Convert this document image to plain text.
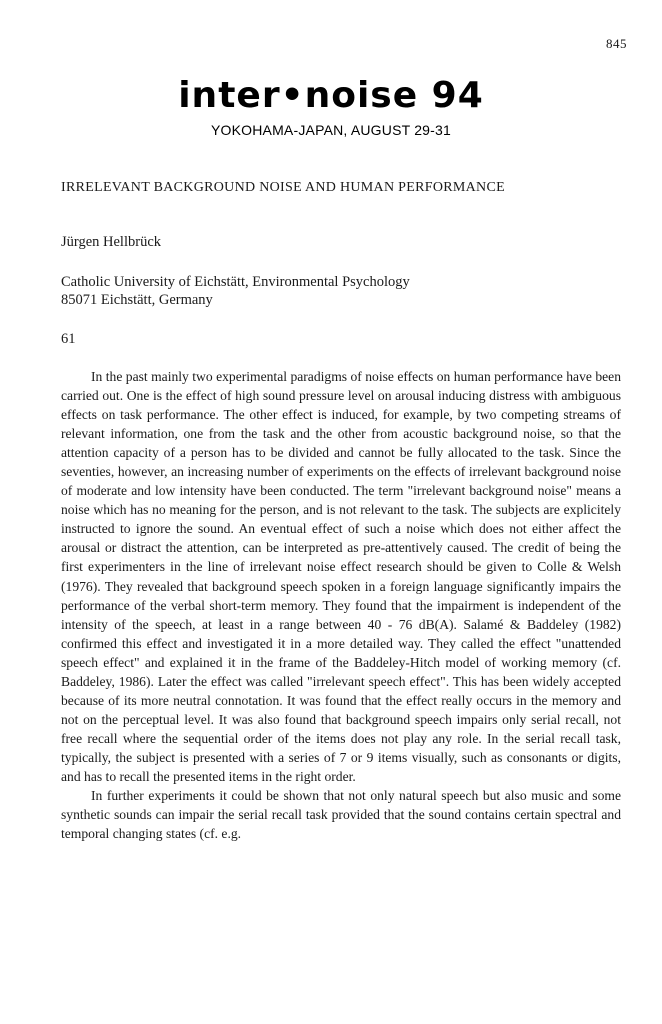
845
inter•noise 94
YOKOHAMA-JAPAN, AUGUST 29-31
IRRELEVANT BACKGROUND NOISE AND HUMAN PERFORMANCE
Jürgen Hellbrück
Catholic University of Eichstätt, Environmental Psychology
85071 Eichstätt, Germany
61

In the past mainly two experimental paradigms of noise effects on human performance have been carried out. One is the effect of high sound pressure level on arousal inducing distress with ambiguous effects on task performance. The other effect is induced, for example, by two competing streams of relevant information, one from the task and the other from acoustic background noise, so that the attention capacity of a person has to be divided and cannot be fully allocated to the task. Since the seventies, however, an increasing number of experiments on the effects of irrelevant background noise of moderate and low intensity have been conducted. The term "irrelevant background noise" means a noise which has no meaning for the person, and is not relevant to the task. The subjects are explicitely instructed to ignore the sound. An eventual effect of such a noise which does not either affect the arousal or distract the attention, can be interpreted as pre-attentively caused. The credit of being the first experimenters in the line of irrelevant noise effect research should be given to Colle & Welsh (1976). They revealed that background speech spoken in a foreign language significantly impairs the performance of the verbal short-term memory. They found that the impairment is independent of the intensity of the speech, at least in a range between 40 - 76 dB(A). Salamé & Baddeley (1982) confirmed this effect and investigated it in a more detailed way. They called the effect "unattended speech effect" and explained it in the frame of the Baddeley-Hitch model of working memory (cf. Baddeley, 1986). Later the effect was called "irrelevant speech effect". This has been widely accepted because of its more neutral connotation. It was found that the effect really occurs in the memory and not on the perceptual level. It was also found that background speech impairs only serial recall, not free recall where the sequential order of the items does not play any role. In the serial recall task, typically, the subject is presented with a series of 7 or 9 items visually, such as consonants or digits, and has to recall the presented items in the right order.

In further experiments it could be shown that not only natural speech but also music and some synthetic sounds can impair the serial recall task provided that the sound contains certain spectral and temporal changing states (cf. e.g.
